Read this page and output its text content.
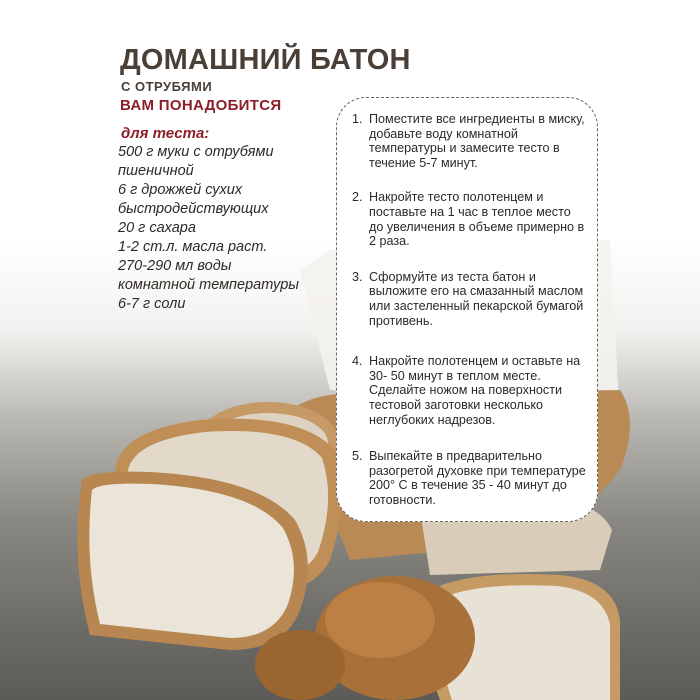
ДОМАШНИЙ БАТОН
С ОТРУБЯМИ
ВАМ ПОНАДОБИТСЯ
для теста:
500 г муки с отрубями
пшеничной
6 г дрожжей сухих
быстродействующих
20 г сахара
1-2 ст.л. масла раст.
270-290 мл воды
комнатной температуры
6-7 г соли
1. Поместите все ингредиенты в миску, добавьте воду комнатной температуры и замесите тесто в течение 5-7 минут.
2. Накройте тесто полотенцем и поставьте на 1 час в теплое место до увеличения в объеме примерно в 2 раза.
3. Сформуйте из теста батон и выложите его на смазанный маслом или застеленный пекарской бумагой противень.
4. Накройте полотенцем и оставьте на 30- 50 минут в теплом месте. Сделайте ножом на поверхности тестовой заготовки несколько неглубоких надрезов.
5. Выпекайте в предварительно разогретой духовке при температуре 200° С в течение 35 - 40 минут до готовности.
